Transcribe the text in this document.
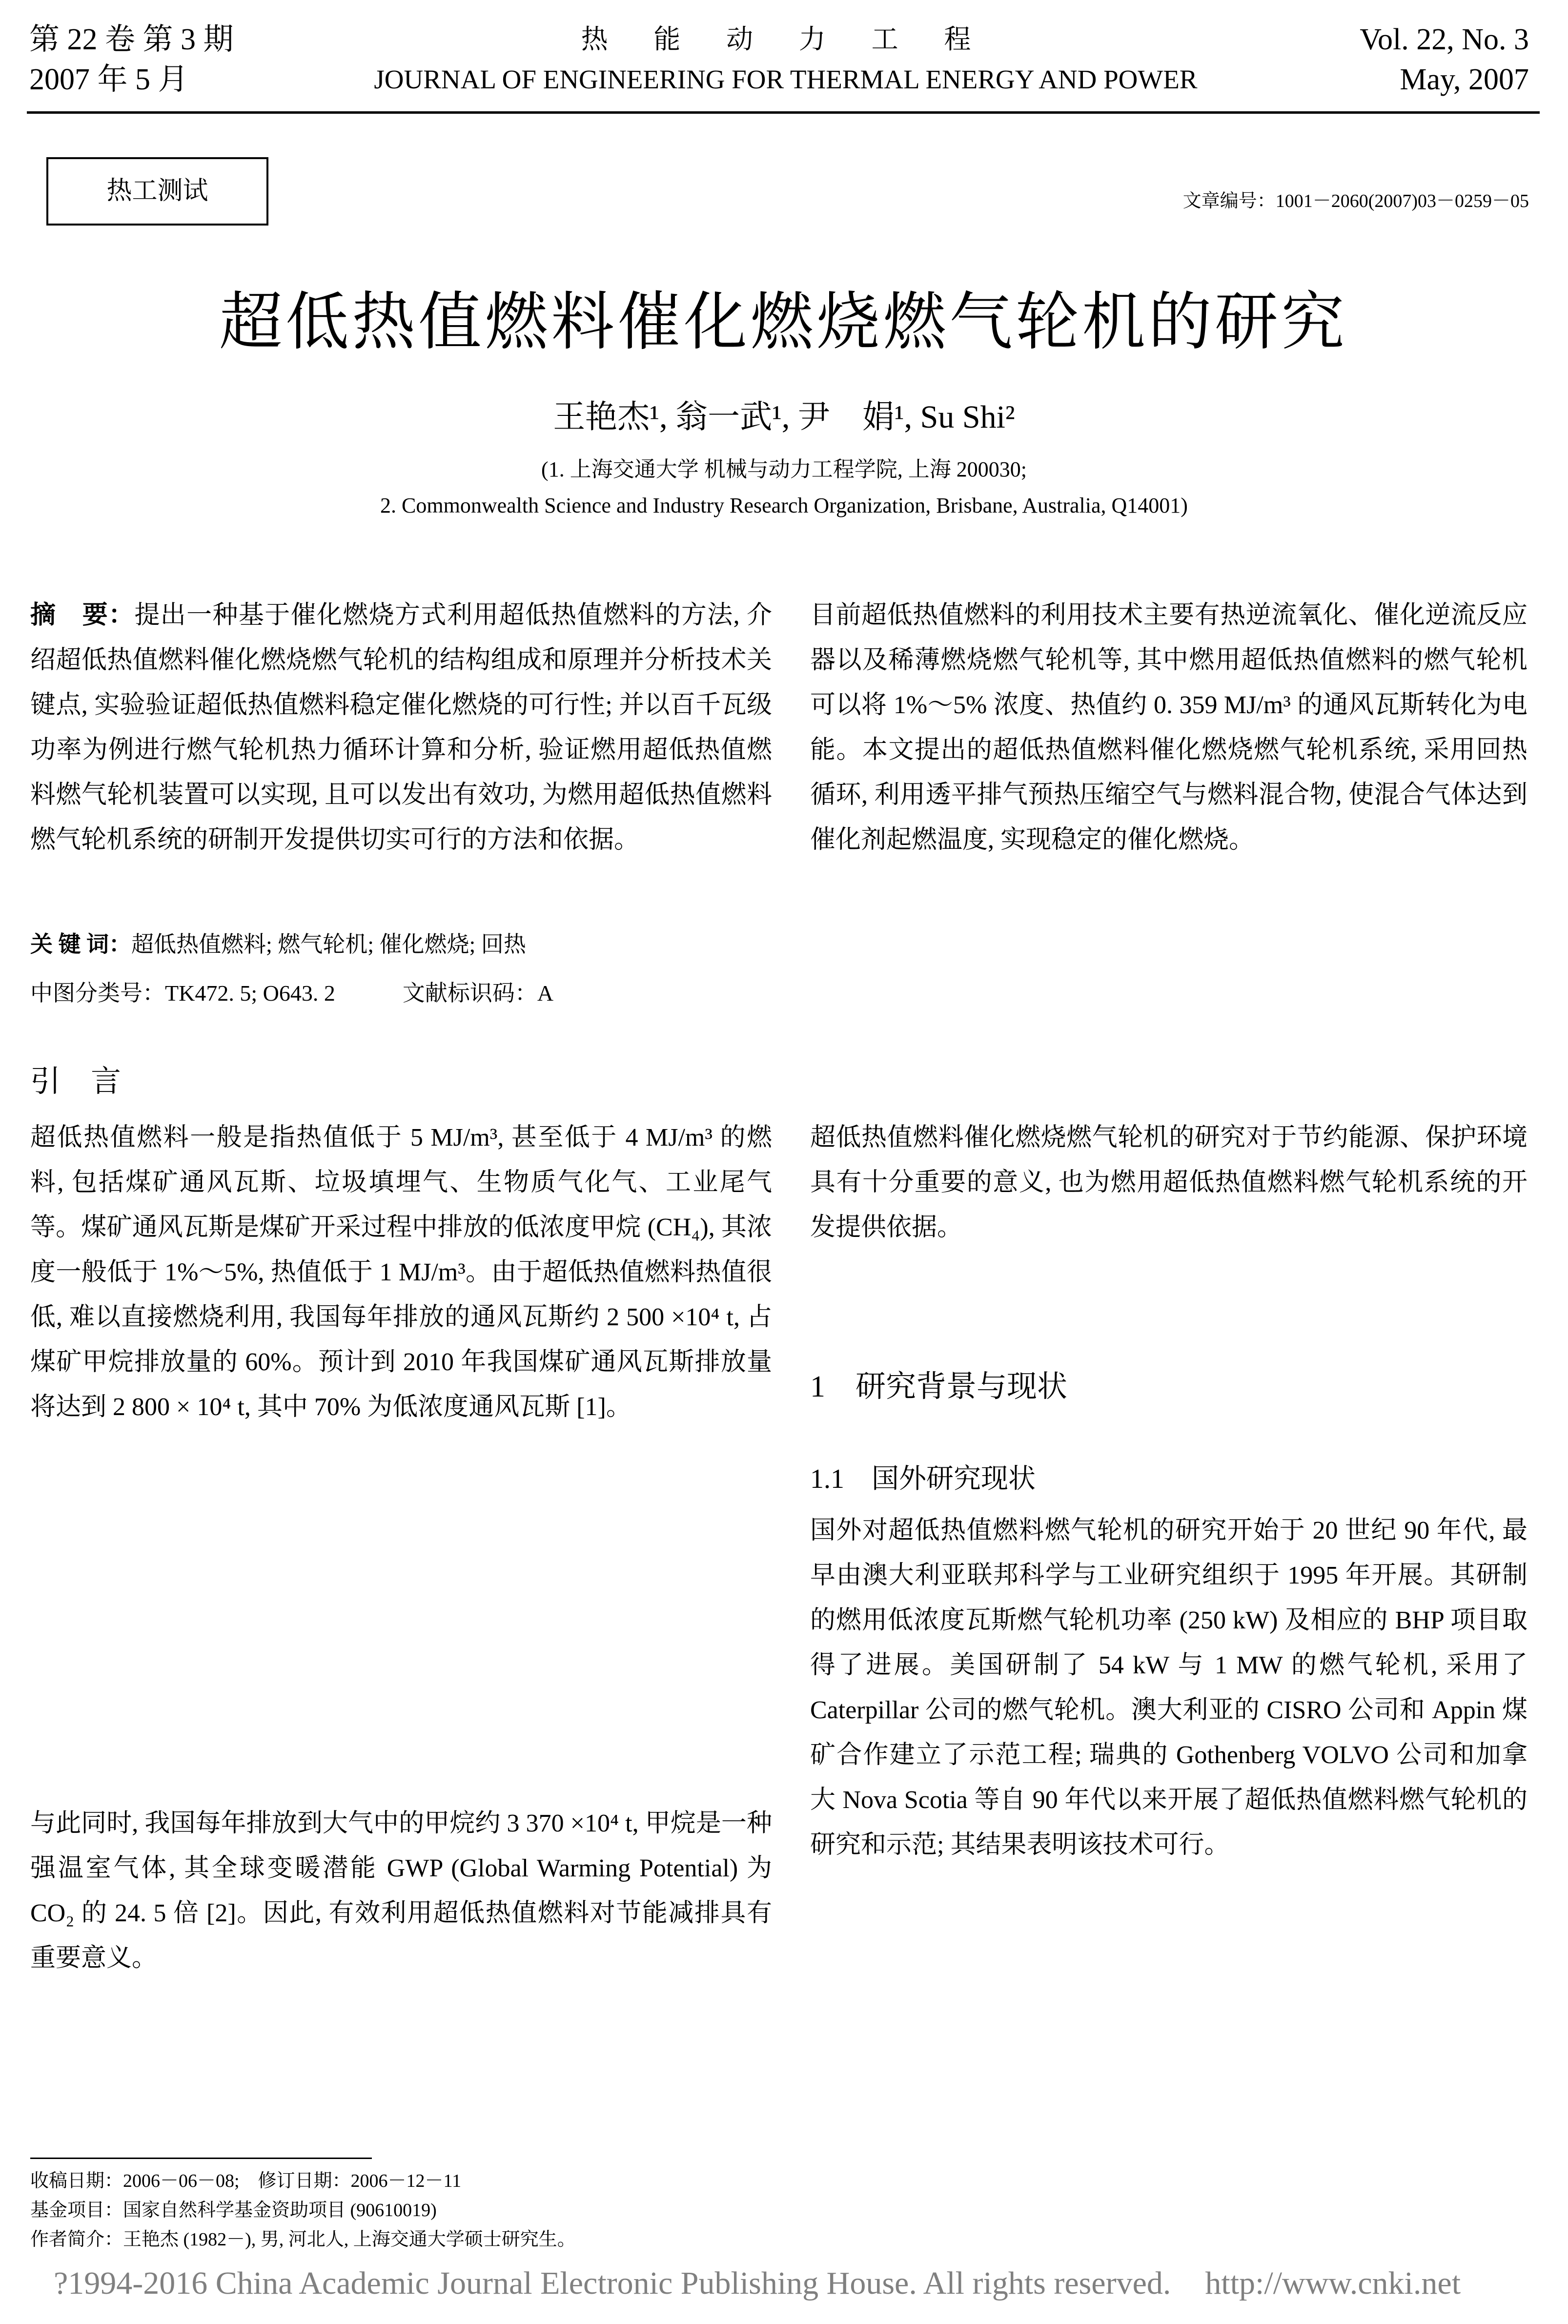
第 22 卷 第 3 期
2007 年 5 月
热 能 动 力 工 程
JOURNAL OF ENGINEERING FOR THERMAL ENERGY AND POWER
Vol. 22, No. 3
May, 2007
热工测试	文章编号：1001－2060(2007)03－0259－05
超低热值燃料催化燃烧燃气轮机的研究
王艳杰¹, 翁一武¹, 尹　娟¹, Su Shi²
(1. 上海交通大学 机械与动力工程学院, 上海 200030;
2. Commonwealth Science and Industry Research Organization, Brisbane, Australia, Q14001)
摘　要：提出一种基于催化燃烧方式利用超低热值燃料的方法, 介绍超低热值燃料催化燃烧燃气轮机的结构组成和原理并分析技术关键点, 实验验证超低热值燃料稳定催化燃烧的可行性; 并以百千瓦级功率为例进行燃气轮机热力循环计算和分析, 验证燃用超低热值燃料燃气轮机装置可以实现, 且可以发出有效功, 为燃用超低热值燃料燃气轮机系统的研制开发提供切实可行的方法和依据。
关 键 词：超低热值燃料; 燃气轮机; 催化燃烧; 回热
中图分类号：TK472. 5; O643. 2　　　文献标识码：A
引　言
超低热值燃料一般是指热值低于 5 MJ/m³, 甚至低于 4 MJ/m³ 的燃料, 包括煤矿通风瓦斯、垃圾填埋气、生物质气化气、工业尾气等。煤矿通风瓦斯是煤矿开采过程中排放的低浓度甲烷 (CH₄), 其浓度一般低于 1%～5%, 热值低于 1 MJ/m³。由于超低热值燃料热值很低, 难以直接燃烧利用, 我国每年排放的通风瓦斯约 2 500 ×10⁴ t, 占煤矿甲烷排放量的 60%。预计到 2010 年我国煤矿通风瓦斯排放量将达到 2 800 × 10⁴ t, 其中 70% 为低浓度通风瓦斯 [1]。
与此同时, 我国每年排放到大气中的甲烷约 3 370 ×10⁴ t, 甲烷是一种强温室气体, 其全球变暖潜能 GWP (Global Warming Potential) 为 CO₂ 的 24. 5 倍 [2]。因此, 有效利用超低热值燃料对节能减排具有重要意义。
目前超低热值燃料的利用技术主要有热逆流氧化、催化逆流反应器以及稀薄燃烧燃气轮机等, 其中燃用超低热值燃料的燃气轮机可以将 1%～5% 浓度、热值约 0. 359 MJ/m³ 的通风瓦斯转化为电能。本文提出的超低热值燃料催化燃烧燃气轮机系统, 采用回热循环, 利用透平排气预热压缩空气与燃料混合物, 使混合气体达到催化剂起燃温度, 实现稳定的催化燃烧。
超低热值燃料催化燃烧燃气轮机的研究对于节约能源、保护环境具有十分重要的意义, 也为燃用超低热值燃料燃气轮机系统的开发提供依据。
1　研究背景与现状
1.1　国外研究现状
国外对超低热值燃料燃气轮机的研究开始于 20 世纪 90 年代, 最早由澳大利亚联邦科学与工业研究组织于 1995 年开展。其研制的燃用低浓度瓦斯燃气轮机功率 (250 kW) 及相应的 BHP 项目取得了进展。美国研制了 54 kW 与 1 MW 的燃气轮机, 采用了 Caterpillar 公司的燃气轮机。澳大利亚的 CISRO 公司和 Appin 煤矿合作建立了示范工程; 瑞典的 Gothenberg VOLVO 公司和加拿大 Nova Scotia 等自 90 年代以来开展了超低热值燃料燃气轮机的研究和示范; 其结果表明该技术可行。
收稿日期：2006－06－08;　修订日期：2006－12－11
基金项目：国家自然科学基金资助项目 (90610019)
作者简介：王艳杰 (1982－), 男, 河北人, 上海交通大学硕士研究生。
?1994-2016 China Academic Journal Electronic Publishing House. All rights reserved. http://www.cnki.net
